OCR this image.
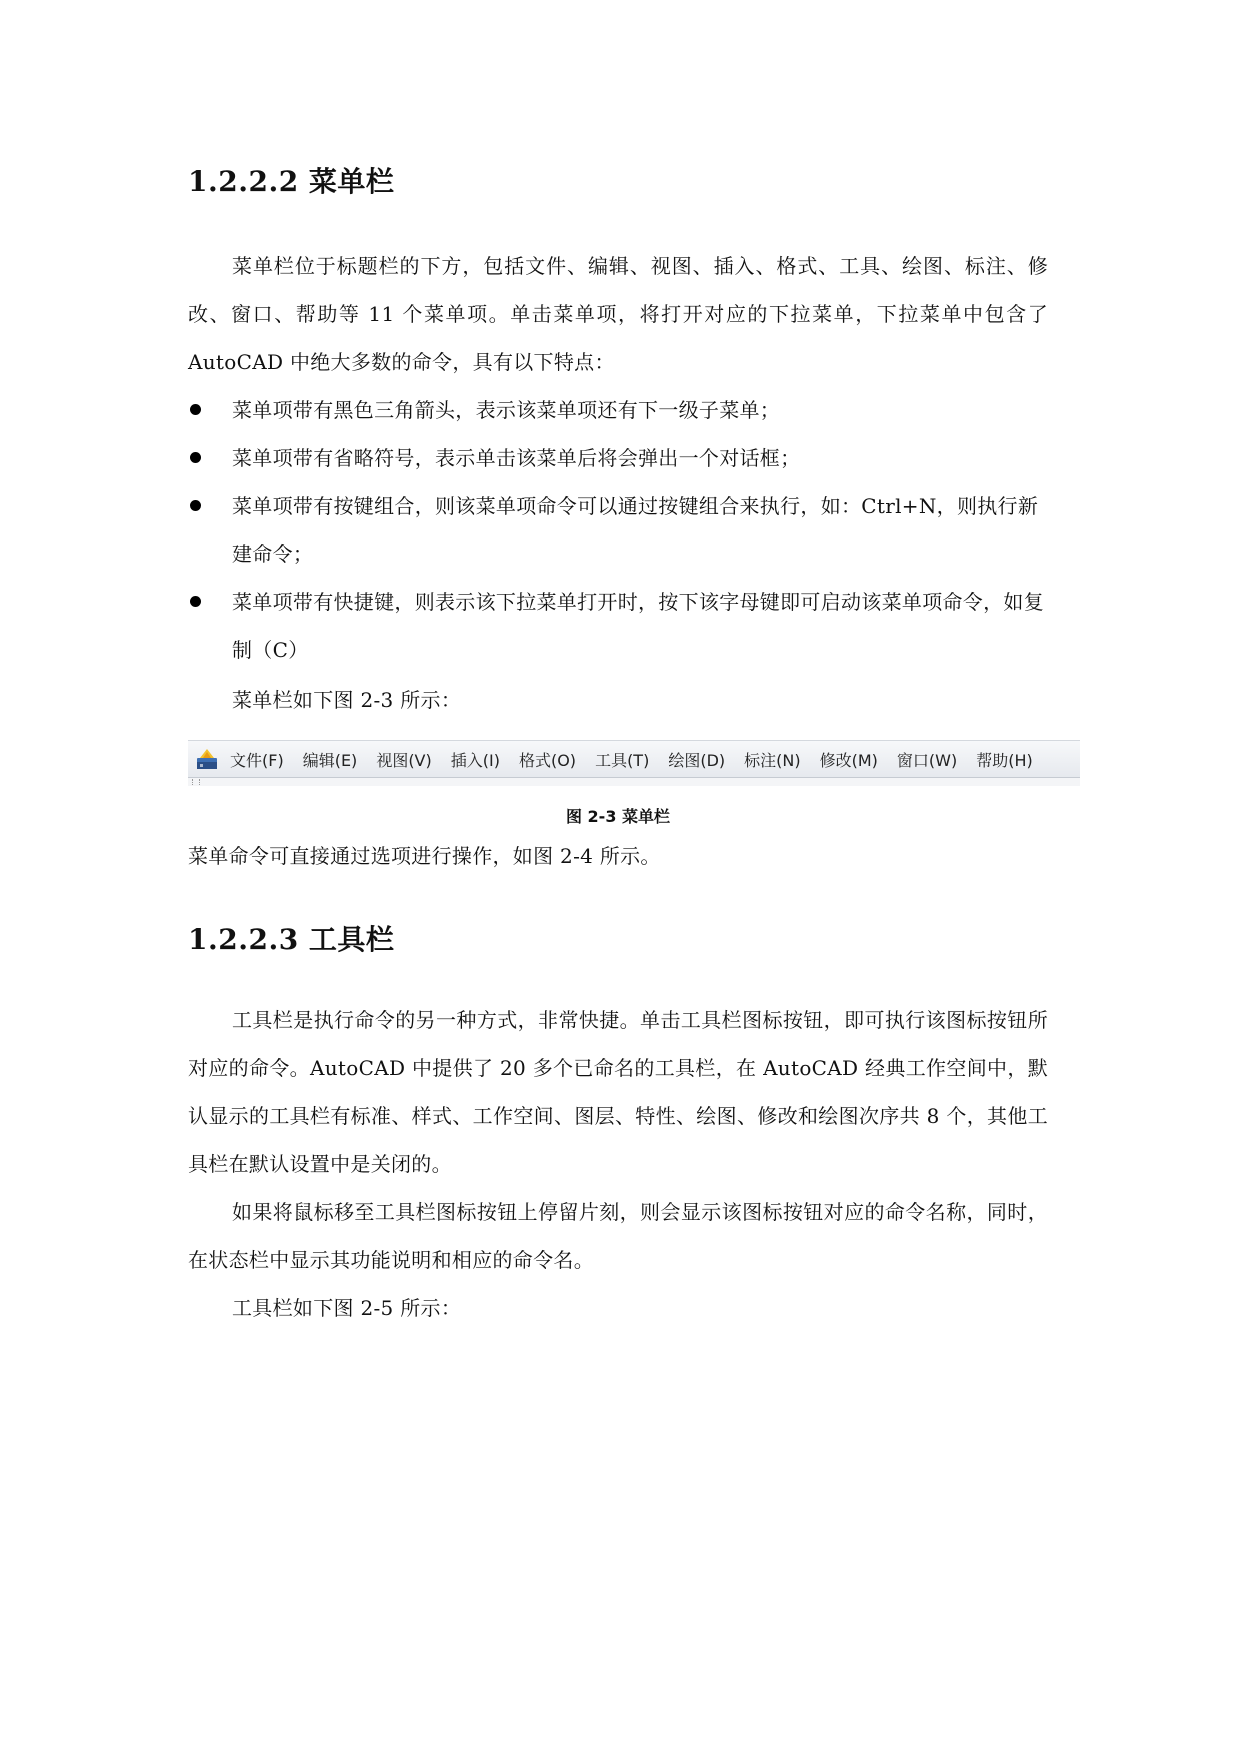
1.2.2.2 菜单栏

菜单栏位于标题栏的下方，包括文件、编辑、视图、插入、格式、工具、绘图、标注、修改、窗口、帮助等 11 个菜单项。单击菜单项，将打开对应的下拉菜单，下拉菜单中包含了AutoCAD 中绝大多数的命令，具有以下特点：

菜单项带有黑色三角箭头，表示该菜单项还有下一级子菜单；
菜单项带有省略符号，表示单击该菜单后将会弹出一个对话框；
菜单项带有按键组合，则该菜单项命令可以通过按键组合来执行，如：Ctrl+N，则执行新建命令；
菜单项带有快捷键，则表示该下拉菜单打开时，按下该字母键即可启动该菜单项命令，如复制（C）

菜单栏如下图 2-3 所示：

文件(F) 编辑(E) 视图(V) 插入(I) 格式(O) 工具(T) 绘图(D) 标注(N) 修改(M) 窗口(W) 帮助(H)

图 2-3 菜单栏

菜单命令可直接通过选项进行操作，如图 2-4 所示。

1.2.2.3 工具栏

工具栏是执行命令的另一种方式，非常快捷。单击工具栏图标按钮，即可执行该图标按钮所对应的命令。AutoCAD 中提供了 20 多个已命名的工具栏，在 AutoCAD 经典工作空间中，默认显示的工具栏有标准、样式、工作空间、图层、特性、绘图、修改和绘图次序共 8 个，其他工具栏在默认设置中是关闭的。

如果将鼠标移至工具栏图标按钮上停留片刻，则会显示该图标按钮对应的命令名称，同时，在状态栏中显示其功能说明和相应的命令名。

工具栏如下图 2-5 所示：
